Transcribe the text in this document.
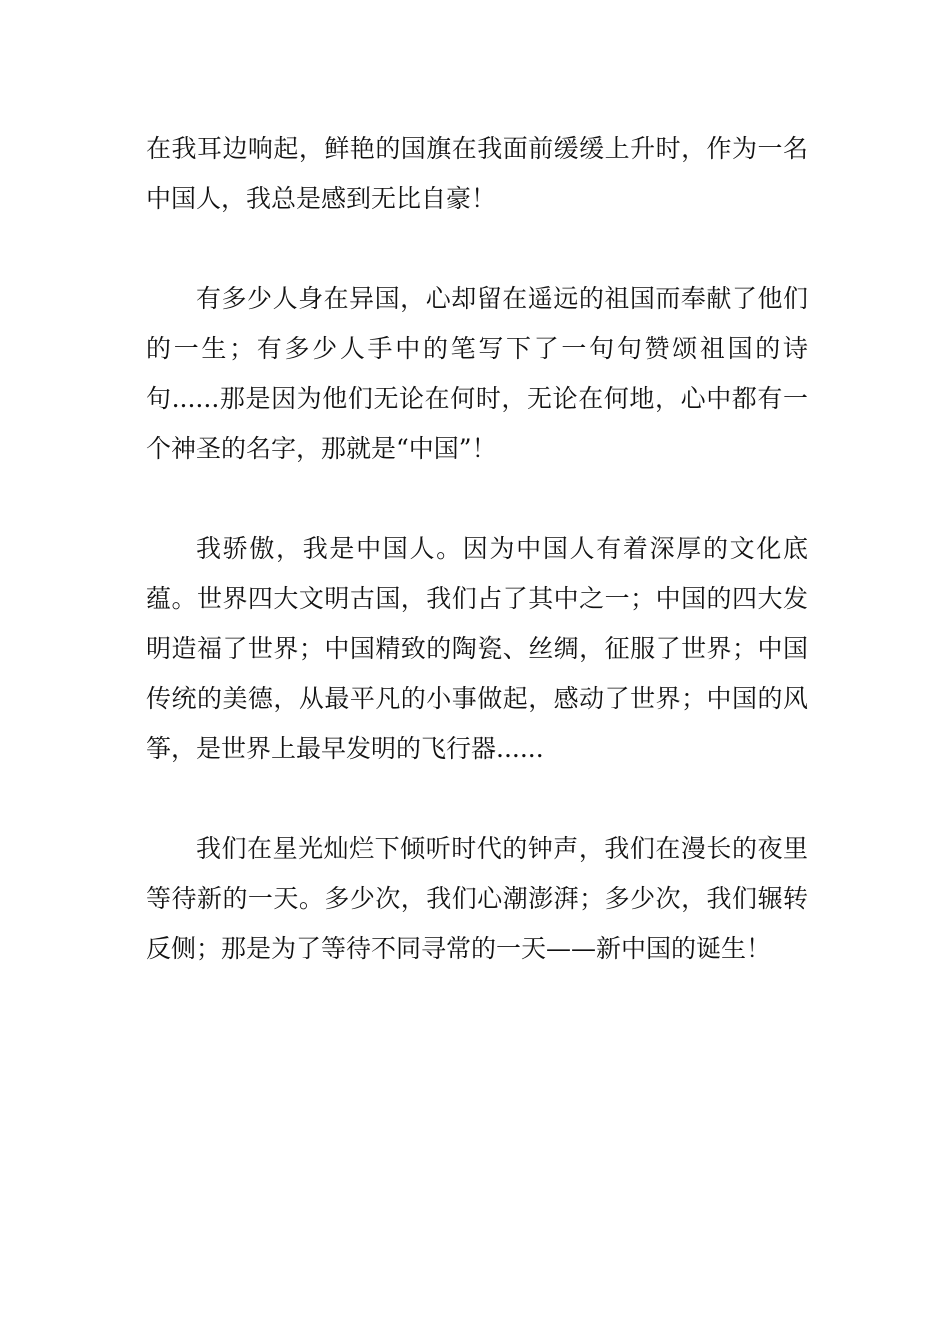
在我耳边响起，鲜艳的国旗在我面前缓缓上升时，作为一名中国人，我总是感到无比自豪！

有多少人身在异国，心却留在遥远的祖国而奉献了他们的一生；有多少人手中的笔写下了一句句赞颂祖国的诗句......那是因为他们无论在何时，无论在何地，心中都有一个神圣的名字，那就是“中国”！

我骄傲，我是中国人。因为中国人有着深厚的文化底蕴。世界四大文明古国，我们占了其中之一；中国的四大发明造福了世界；中国精致的陶瓷、丝绸，征服了世界；中国传统的美德，从最平凡的小事做起，感动了世界；中国的风筝，是世界上最早发明的飞行器......

我们在星光灿烂下倾听时代的钟声，我们在漫长的夜里等待新的一天。多少次，我们心潮澎湃；多少次，我们辗转反侧；那是为了等待不同寻常的一天——新中国的诞生！
